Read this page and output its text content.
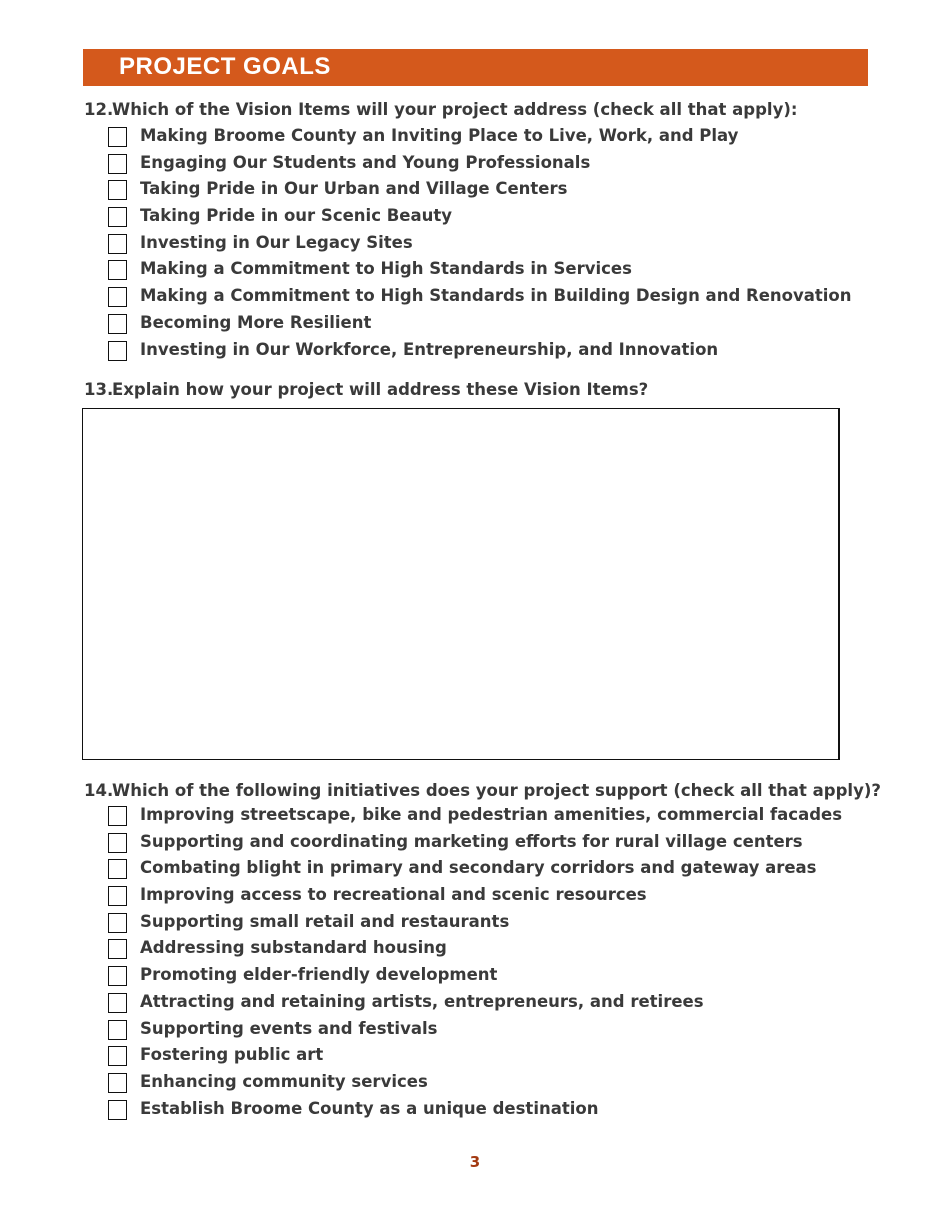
PROJECT GOALS
12.Which of the Vision Items will your project address (check all that apply):
Making Broome County an Inviting Place to Live, Work, and Play
Engaging Our Students and Young Professionals
Taking Pride in Our Urban and Village Centers
Taking Pride in our Scenic Beauty
Investing in Our Legacy Sites
Making a Commitment to High Standards in Services
Making a Commitment to High Standards in Building Design and Renovation
Becoming More Resilient
Investing in Our Workforce, Entrepreneurship, and Innovation
13.Explain how your project will address these Vision Items?
14.Which of the following initiatives does your project support (check all that apply)?
Improving streetscape, bike and pedestrian amenities, commercial facades
Supporting and coordinating marketing efforts for rural village centers
Combating blight in primary and secondary corridors and gateway areas
Improving access to recreational and scenic resources
Supporting small retail and restaurants
Addressing substandard housing
Promoting elder-friendly development
Attracting and retaining artists, entrepreneurs, and retirees
Supporting events and festivals
Fostering public art
Enhancing community services
Establish Broome County as a unique destination
3
